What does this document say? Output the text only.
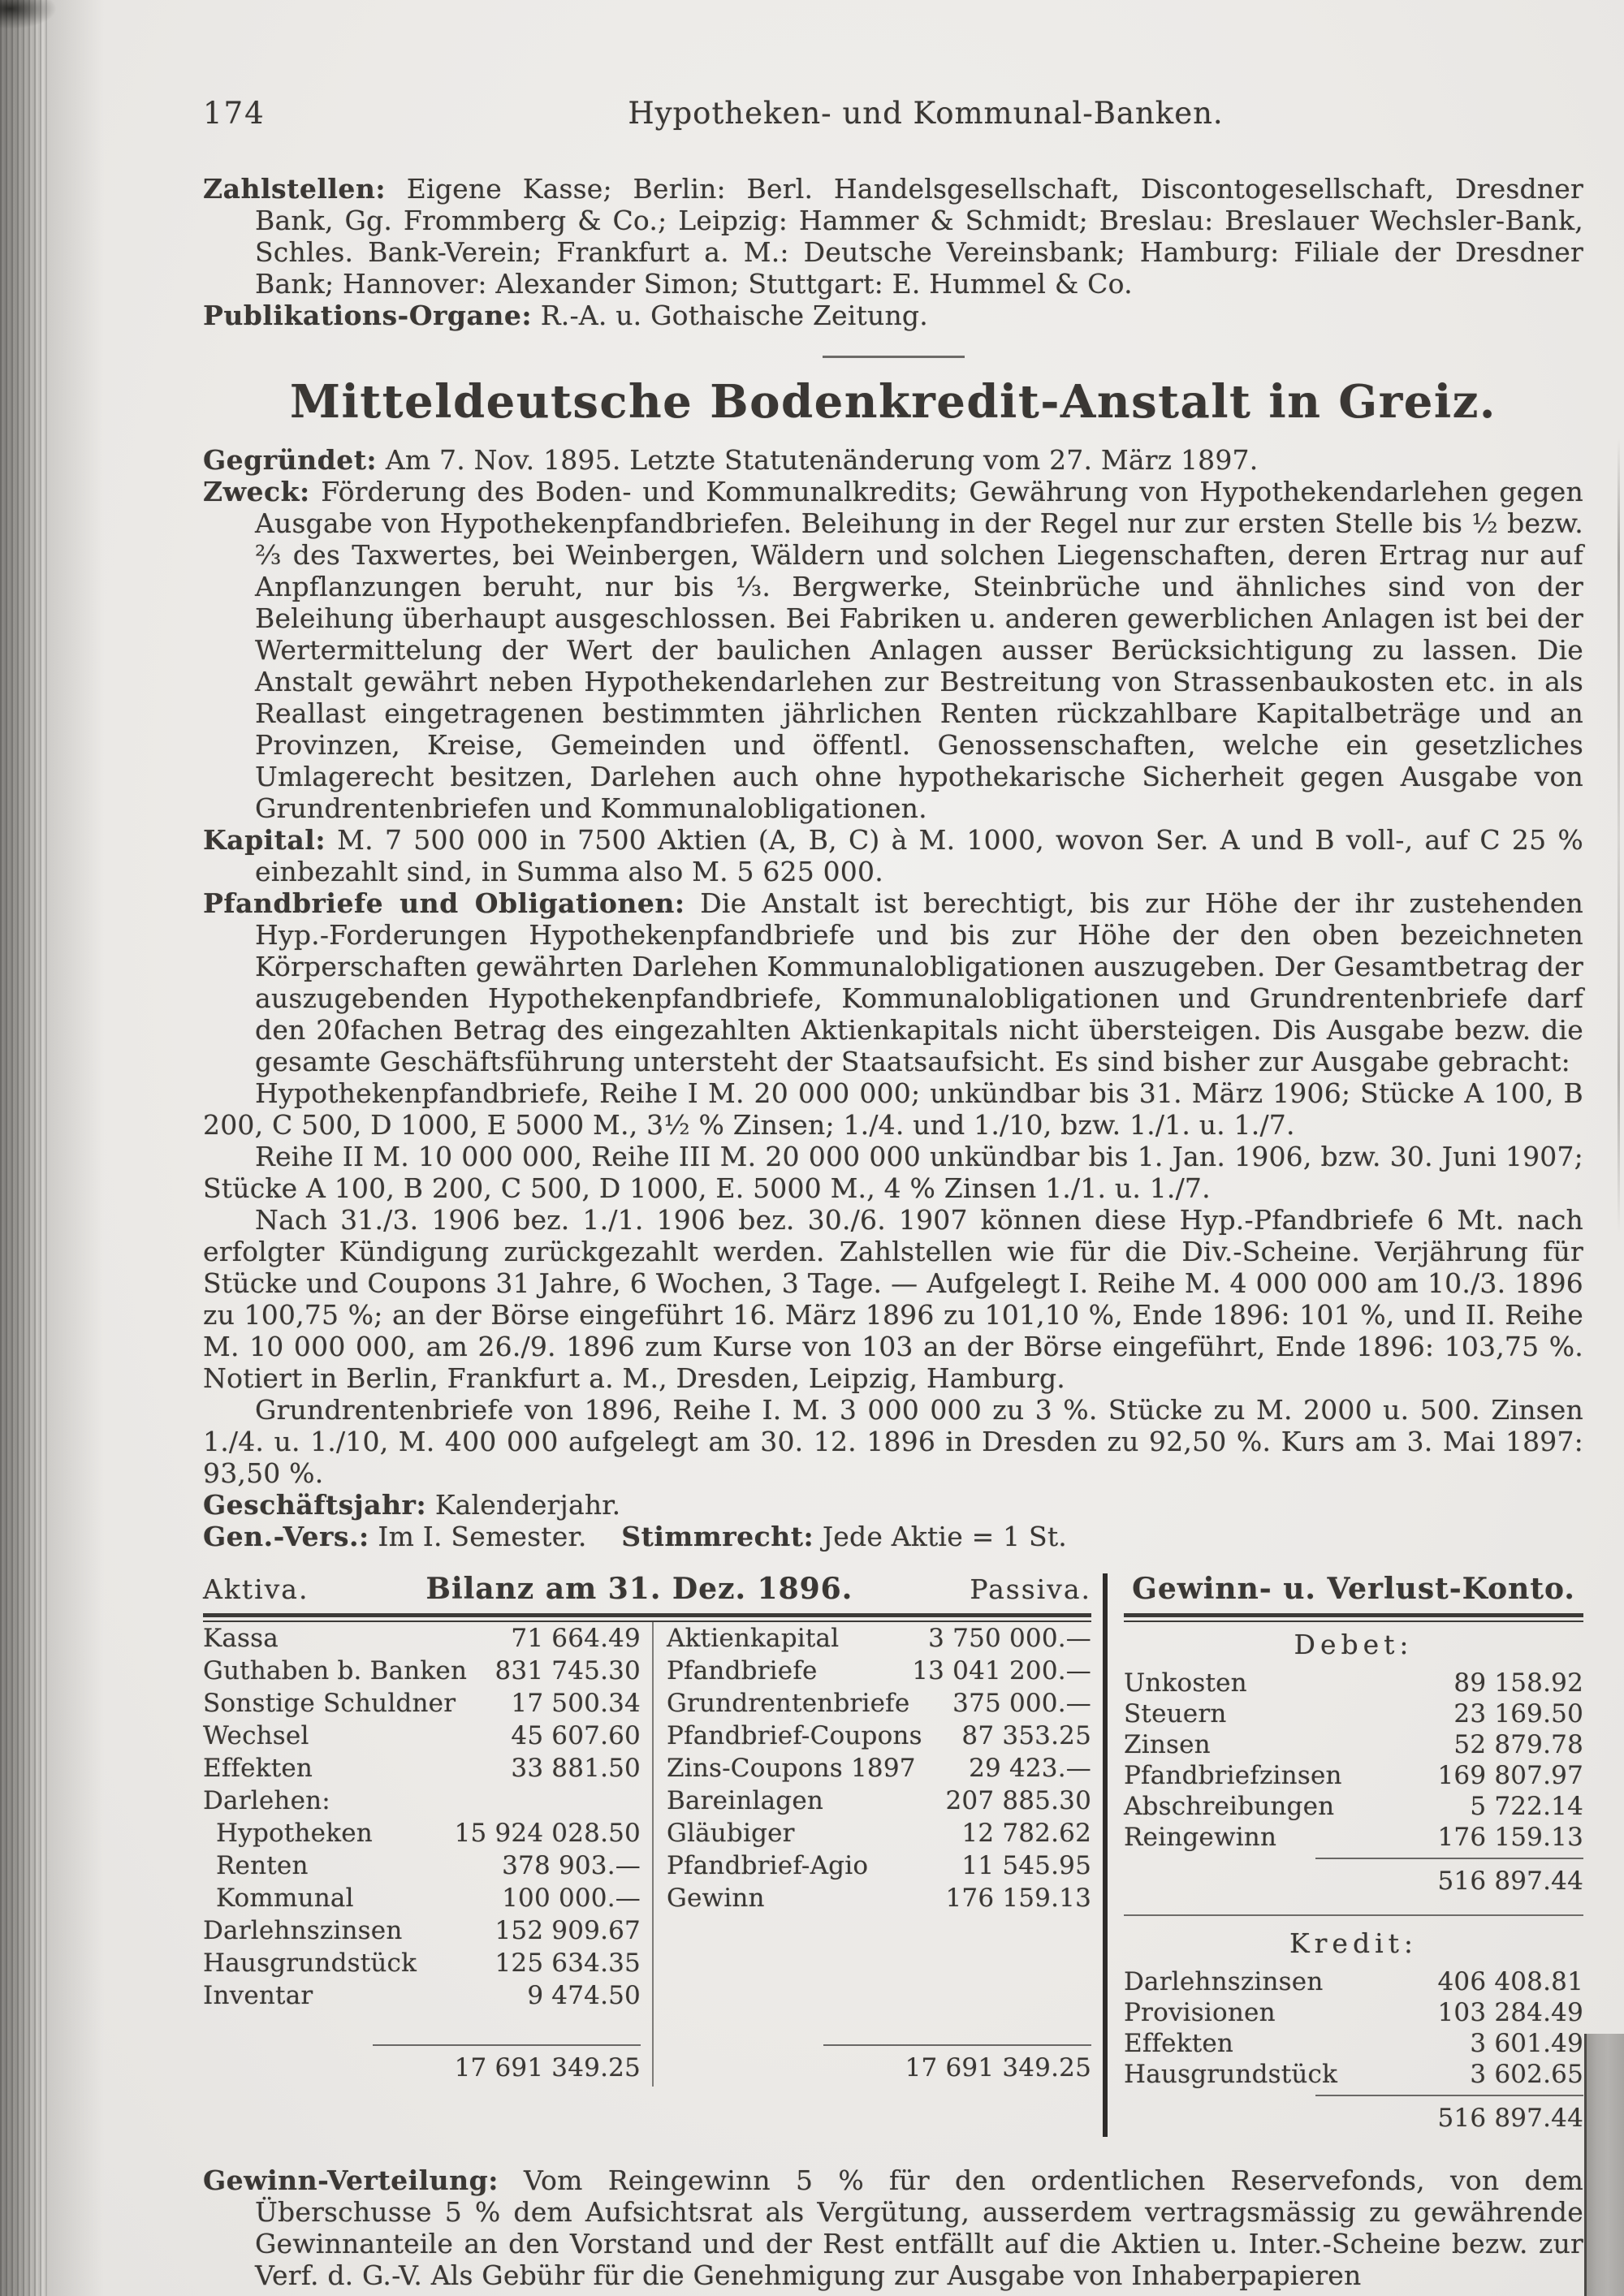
174	Hypotheken- und Kommunal-Banken.
Zahlstellen: Eigene Kasse; Berlin: Berl. Handelsgesellschaft, Discontogesellschaft, Dresdner Bank, Gg. Frommberg & Co.; Leipzig: Hammer & Schmidt; Breslau: Breslauer Wechsler-Bank, Schles. Bank-Verein; Frankfurt a. M.: Deutsche Vereinsbank; Hamburg: Filiale der Dresdner Bank; Hannover: Alexander Simon; Stuttgart: E. Hummel & Co.
Publikations-Organe: R.-A. u. Gothaische Zeitung.
Mitteldeutsche Bodenkredit-Anstalt in Greiz.
Gegründet: Am 7. Nov. 1895. Letzte Statutenänderung vom 27. März 1897.
Zweck: Förderung des Boden- und Kommunalkredits; Gewährung von Hypothekendarlehen gegen Ausgabe von Hypothekenpfandbriefen. Beleihung in der Regel nur zur ersten Stelle bis ¹⁄₂ bezw. ²⁄₃ des Taxwertes, bei Weinbergen, Wäldern und solchen Liegenschaften, deren Ertrag nur auf Anpflanzungen beruht, nur bis ¹⁄₃. Bergwerke, Steinbrüche und ähnliches sind von der Beleihung überhaupt ausgeschlossen. Bei Fabriken u. anderen gewerblichen Anlagen ist bei der Wertermittelung der Wert der baulichen Anlagen ausser Berücksichtigung zu lassen. Die Anstalt gewährt neben Hypothekendarlehen zur Bestreitung von Strassenbaukosten etc. in als Reallast eingetragenen bestimmten jährlichen Renten rückzahlbare Kapitalbeträge und an Provinzen, Kreise, Gemeinden und öffentl. Genossenschaften, welche ein gesetzliches Umlagerecht besitzen, Darlehen auch ohne hypothekarische Sicherheit gegen Ausgabe von Grundrentenbriefen und Kommunalobligationen.
Kapital: M. 7 500 000 in 7500 Aktien (A, B, C) à M. 1000, wovon Ser. A und B voll-, auf C 25 % einbezahlt sind, in Summa also M. 5 625 000.
Pfandbriefe und Obligationen: Die Anstalt ist berechtigt, bis zur Höhe der ihr zustehenden Hyp.-Forderungen Hypothekenpfandbriefe und bis zur Höhe der den oben bezeichneten Körperschaften gewährten Darlehen Kommunalobligationen auszugeben. Der Gesamtbetrag der auszugebenden Hypothekenpfandbriefe, Kommunalobligationen und Grundrentenbriefe darf den 20fachen Betrag des eingezahlten Aktienkapitals nicht übersteigen. Dis Ausgabe bezw. die gesamte Geschäftsführung untersteht der Staatsaufsicht. Es sind bisher zur Ausgabe gebracht:
Hypothekenpfandbriefe, Reihe I M. 20 000 000; unkündbar bis 31. März 1906; Stücke A 100, B 200, C 500, D 1000, E 5000 M., 3¹⁄₂ % Zinsen; 1./4. und 1./10, bzw. 1./1. u. 1./7.
Reihe II M. 10 000 000, Reihe III M. 20 000 000 unkündbar bis 1. Jan. 1906, bzw. 30. Juni 1907; Stücke A 100, B 200, C 500, D 1000, E. 5000 M., 4 % Zinsen 1./1. u. 1./7.
Nach 31./3. 1906 bez. 1./1. 1906 bez. 30./6. 1907 können diese Hyp.-Pfandbriefe 6 Mt. nach erfolgter Kündigung zurückgezahlt werden. Zahlstellen wie für die Div.-Scheine. Verjährung für Stücke und Coupons 31 Jahre, 6 Wochen, 3 Tage. — Aufgelegt I. Reihe M. 4 000 000 am 10./3. 1896 zu 100,75 %; an der Börse eingeführt 16. März 1896 zu 101,10 %, Ende 1896: 101 %, und II. Reihe M. 10 000 000, am 26./9. 1896 zum Kurse von 103 an der Börse eingeführt, Ende 1896: 103,75 %. Notiert in Berlin, Frankfurt a. M., Dresden, Leipzig, Hamburg.
Grundrentenbriefe von 1896, Reihe I. M. 3 000 000 zu 3 %. Stücke zu M. 2000 u. 500. Zinsen 1./4. u. 1./10, M. 400 000 aufgelegt am 30. 12. 1896 in Dresden zu 92,50 %. Kurs am 3. Mai 1897: 93,50 %.
Geschäftsjahr: Kalenderjahr.
Gen.-Vers.: Im I. Semester. Stimmrecht: Jede Aktie = 1 St.
Aktiva.	Bilanz am 31. Dez. 1896.	Passiva.
Kassa	71 664.49
Guthaben b. Banken 831 745.30
Sonstige Schuldner 17 500.34
Wechsel	45 607.60
Effekten	33 881.50
Darlehen:
Hypotheken	15 924 028.50
Renten	378 903.—
Kommunal	100 000.—
Darlehnszinsen	152 909.67
Hausgrundstück	125 634.35
Inventar	9 474.50
17 691 349.25
Aktienkapital	3 750 000.—
Pfandbriefe	13 041 200.—
Grundrentenbriefe 375 000.—
Pfandbrief-Coupons 87 353.25
Zins-Coupons 1897 29 423.—
Bareinlagen	207 885.30
Gläubiger	12 782.62
Pfandbrief-Agio	11 545.95
Gewinn	176 159.13
17 691 349.25
Gewinn- u. Verlust-Konto.
Debet:
Unkosten	89 158.92
Steuern	23 169.50
Zinsen	52 879.78
Pfandbriefzinsen	169 807.97
Abschreibungen	5 722.14
Reingewinn	176 159.13
516 897.44
Kredit:
Darlehnszinsen	406 408.81
Provisionen	103 284.49
Effekten	3 601.49
Hausgrundstück	3 602.65
516 897.44
Gewinn-Verteilung: Vom Reingewinn 5 % für den ordentlichen Reservefonds, von dem Überschusse 5 % dem Aufsichtsrat als Vergütung, ausserdem vertragsmässig zu gewährende Gewinnanteile an den Vorstand und der Rest entfällt auf die Aktien u. Inter.-Scheine bezw. zur Verf. d. G.-V. Als Gebühr für die Genehmigung zur Ausgabe von Inhaberpapieren
